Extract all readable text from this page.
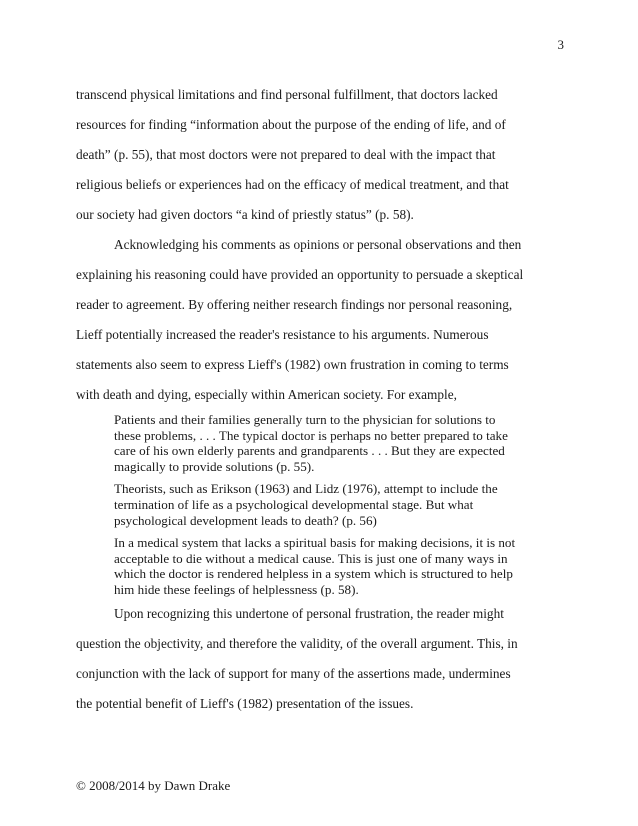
3
transcend physical limitations and find personal fulfillment, that doctors lacked
resources for finding “information about the purpose of the ending of life, and of
death” (p. 55), that most doctors were not prepared to deal with the impact that
religious beliefs or experiences had on the efficacy of medical treatment, and that
our society had given doctors “a kind of priestly status” (p. 58).
Acknowledging his comments as opinions or personal observations and then
explaining his reasoning could have provided an opportunity to persuade a skeptical
reader to agreement. By offering neither research findings nor personal reasoning,
Lieff potentially increased the reader's resistance to his arguments. Numerous
statements also seem to express Lieff's (1982) own frustration in coming to terms
with death and dying, especially within American society. For example,
Patients and their families generally turn to the physician for solutions to
these problems, . . . The typical doctor is perhaps no better prepared to take
care of his own elderly parents and grandparents . . . But they are expected
magically to provide solutions (p. 55).
Theorists, such as Erikson (1963) and Lidz (1976), attempt to include the
termination of life as a psychological developmental stage. But what
psychological development leads to death? (p. 56)
In a medical system that lacks a spiritual basis for making decisions, it is not
acceptable to die without a medical cause. This is just one of many ways in
which the doctor is rendered helpless in a system which is structured to help
him hide these feelings of helplessness (p. 58).
Upon recognizing this undertone of personal frustration, the reader might
question the objectivity, and therefore the validity, of the overall argument. This, in
conjunction with the lack of support for many of the assertions made, undermines
the potential benefit of Lieff's (1982) presentation of the issues.
© 2008/2014 by Dawn Drake
